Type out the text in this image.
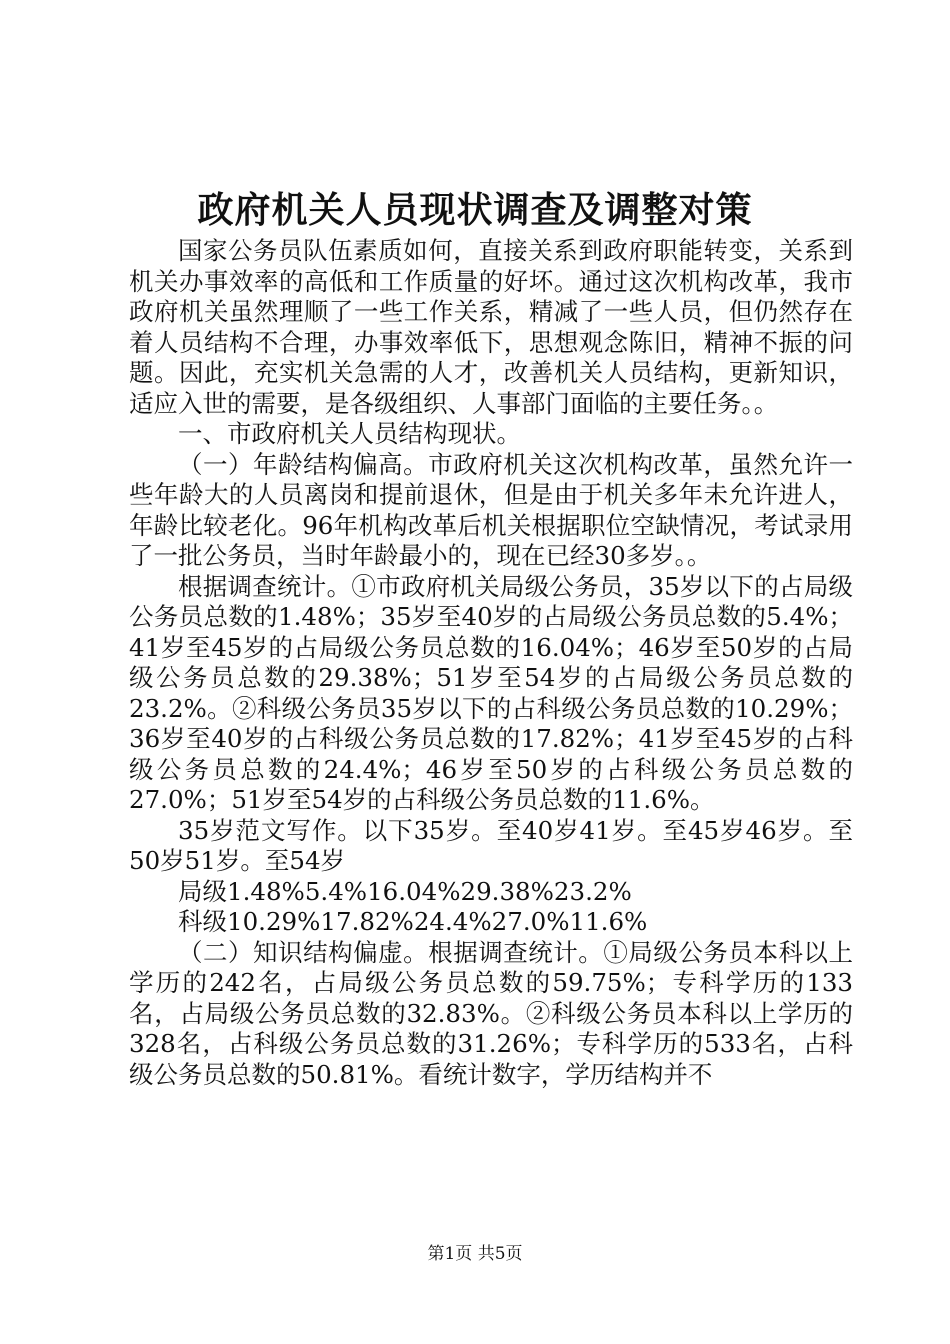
政府机关人员现状调查及调整对策

国家公务员队伍素质如何，直接关系到政府职能转变，关系到机关办事效率的高低和工作质量的好坏。通过这次机构改革，我市政府机关虽然理顺了一些工作关系，精减了一些人员，但仍然存在着人员结构不合理，办事效率低下，思想观念陈旧，精神不振的问题。因此，充实机关急需的人才，改善机关人员结构，更新知识，适应入世的需要，是各级组织、人事部门面临的主要任务。。

一、市政府机关人员结构现状。

（一）年龄结构偏高。市政府机关这次机构改革，虽然允许一些年龄大的人员离岗和提前退休，但是由于机关多年未允许进人，年龄比较老化。96年机构改革后机关根据职位空缺情况，考试录用了一批公务员，当时年龄最小的，现在已经30多岁。。

根据调查统计。①市政府机关局级公务员，35岁以下的占局级公务员总数的1.48%；35岁至40岁的占局级公务员总数的5.4%；41岁至45岁的占局级公务员总数的16.04%；46岁至50岁的占局级公务员总数的29.38%；51岁至54岁的占局级公务员总数的23.2%。②科级公务员35岁以下的占科级公务员总数的10.29%；36岁至40岁的占科级公务员总数的17.82%；41岁至45岁的占科级公务员总数的24.4%；46岁至50岁的占科级公务员总数的27.0%；51岁至54岁的占科级公务员总数的11.6%。

35岁范文写作。以下35岁。至40岁41岁。至45岁46岁。至50岁51岁。至54岁

局级1.48%5.4%16.04%29.38%23.2%

科级10.29%17.82%24.4%27.0%11.6%

（二）知识结构偏虚。根据调查统计。①局级公务员本科以上学历的242名，占局级公务员总数的59.75%；专科学历的133名，占局级公务员总数的32.83%。②科级公务员本科以上学历的328名，占科级公务员总数的31.26%；专科学历的533名，占科级公务员总数的50.81%。看统计数字，学历结构并不

第1页 共5页
